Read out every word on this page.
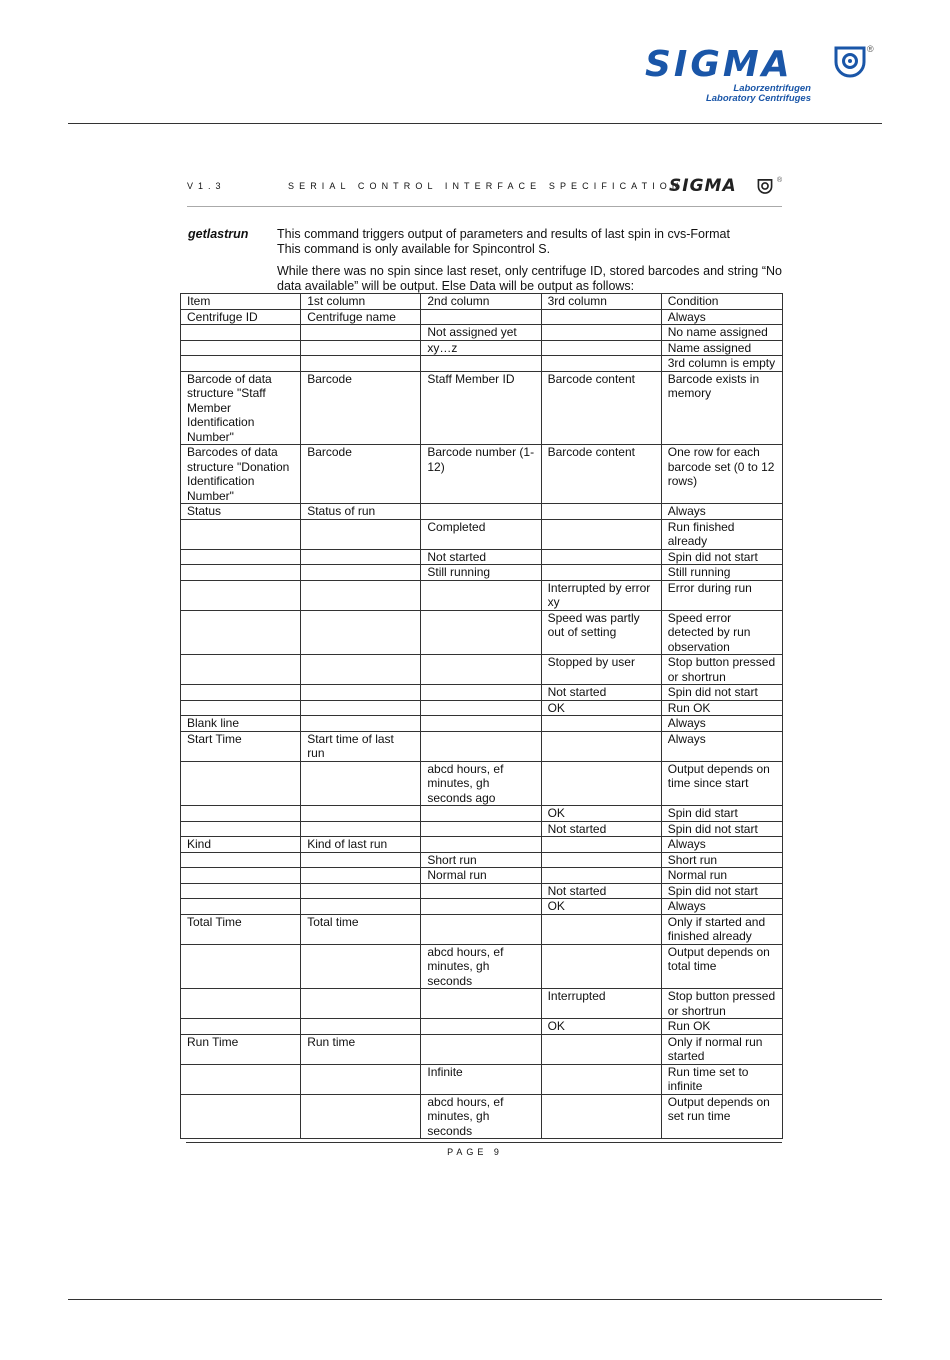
SIGMA	®
Laborzentrifugen
Laboratory Centrifuges
V1.3	SERIAL CONTROL INTERFACE SPECIFICATION
SIGMA	®
getlastrun This command triggers output of parameters and results of last spin in cvs-Format
This command is only available for Spincontrol S.
While there was no spin since last reset, only centrifuge ID, stored barcodes and string “No data available” will be output. Else Data will be output as follows:
Item	1st column	2nd column	3rd column	Condition
Centrifuge ID	Centrifuge name			Always
		Not assigned yet		No name assigned
		xy…z		Name assigned
				3rd column is empty
Barcode of data structure "Staff Member Identification Number"	Barcode	Staff Member ID	Barcode content	Barcode exists in memory
Barcodes of data structure "Donation Identification Number"	Barcode	Barcode number (1-12)	Barcode content	One row for each barcode set (0 to 12 rows)
Status	Status of run			Always
		Completed		Run finished already
		Not started		Spin did not start
		Still running		Still running
			Interrupted by error xy	Error during run
			Speed was partly out of setting	Speed error detected by run observation
			Stopped by user	Stop button pressed or shortrun
			Not started	Spin did not start
			OK	Run OK
Blank line				Always
Start Time	Start time of last run			Always
		abcd hours, ef minutes, gh seconds ago		Output depends on time since start
			OK	Spin did start
			Not started	Spin did not start
Kind	Kind of last run			Always
		Short run		Short run
		Normal run		Normal run
			Not started	Spin did not start
			OK	Always
Total Time	Total time			Only if started and finished already
		abcd hours, ef minutes, gh seconds		Output depends on total time
			Interrupted	Stop button pressed or shortrun
			OK	Run OK
Run Time	Run time			Only if normal run started
		Infinite		Run time set to infinite
		abcd hours, ef minutes, gh seconds		Output depends on set run time
PAGE 9
